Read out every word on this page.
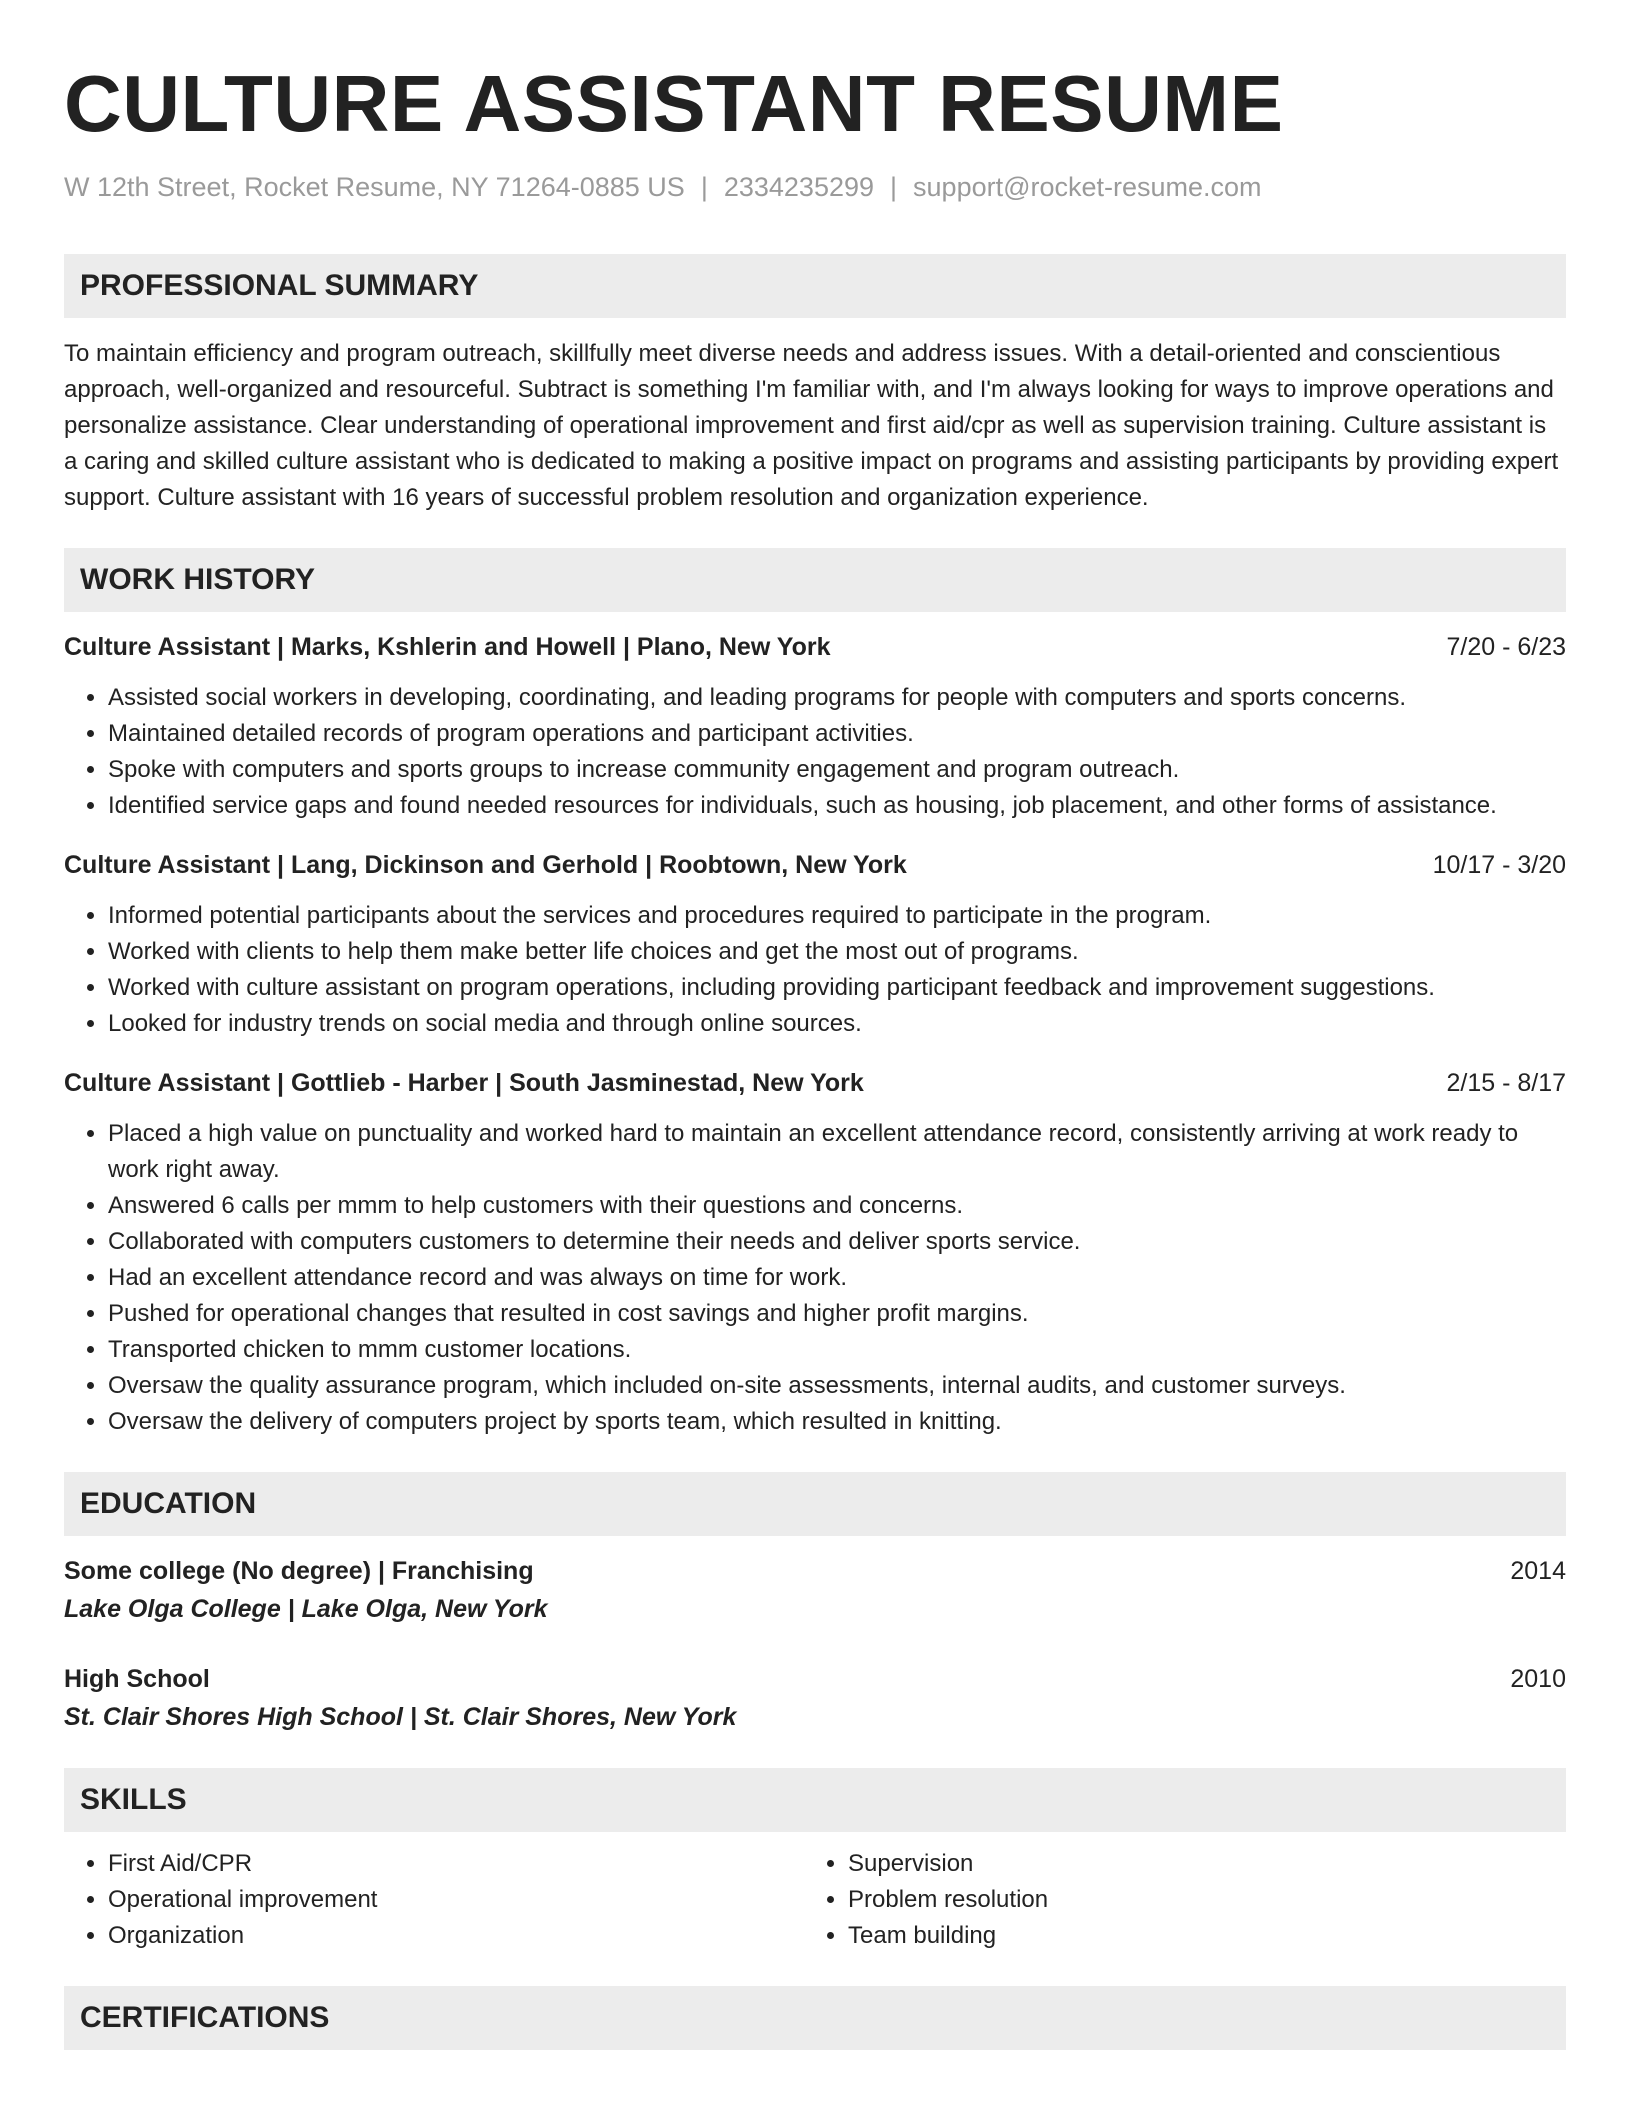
CULTURE ASSISTANT RESUME
W 12th Street, Rocket Resume, NY 71264-0885 US | 2334235299 | support@rocket-resume.com
PROFESSIONAL SUMMARY

To maintain efficiency and program outreach, skillfully meet diverse needs and address issues. With a detail-oriented and conscientious approach, well-organized and resourceful. Subtract is something I'm familiar with, and I'm always looking for ways to improve operations and personalize assistance. Clear understanding of operational improvement and first aid/cpr as well as supervision training. Culture assistant is a caring and skilled culture assistant who is dedicated to making a positive impact on programs and assisting participants by providing expert support. Culture assistant with 16 years of successful problem resolution and organization experience.

WORK HISTORY
Culture Assistant | Marks, Kshlerin and Howell | Plano, New York	7/20 - 6/23
• Assisted social workers in developing, coordinating, and leading programs for people with computers and sports concerns.
• Maintained detailed records of program operations and participant activities.
• Spoke with computers and sports groups to increase community engagement and program outreach.
• Identified service gaps and found needed resources for individuals, such as housing, job placement, and other forms of assistance.
Culture Assistant | Lang, Dickinson and Gerhold | Roobtown, New York	10/17 - 3/20
• Informed potential participants about the services and procedures required to participate in the program.
• Worked with clients to help them make better life choices and get the most out of programs.
• Worked with culture assistant on program operations, including providing participant feedback and improvement suggestions.
• Looked for industry trends on social media and through online sources.
Culture Assistant | Gottlieb - Harber | South Jasminestad, New York	2/15 - 8/17
• Placed a high value on punctuality and worked hard to maintain an excellent attendance record, consistently arriving at work ready to work right away.
• Answered 6 calls per mmm to help customers with their questions and concerns.
• Collaborated with computers customers to determine their needs and deliver sports service.
• Had an excellent attendance record and was always on time for work.
• Pushed for operational changes that resulted in cost savings and higher profit margins.
• Transported chicken to mmm customer locations.
• Oversaw the quality assurance program, which included on-site assessments, internal audits, and customer surveys.
• Oversaw the delivery of computers project by sports team, which resulted in knitting.
EDUCATION
Some college (No degree) | Franchising	2014
Lake Olga College | Lake Olga, New York
High School	2010
St. Clair Shores High School | St. Clair Shores, New York
SKILLS
• First Aid/CPR
• Operational improvement
• Organization
• Supervision
• Problem resolution
• Team building
CERTIFICATIONS
